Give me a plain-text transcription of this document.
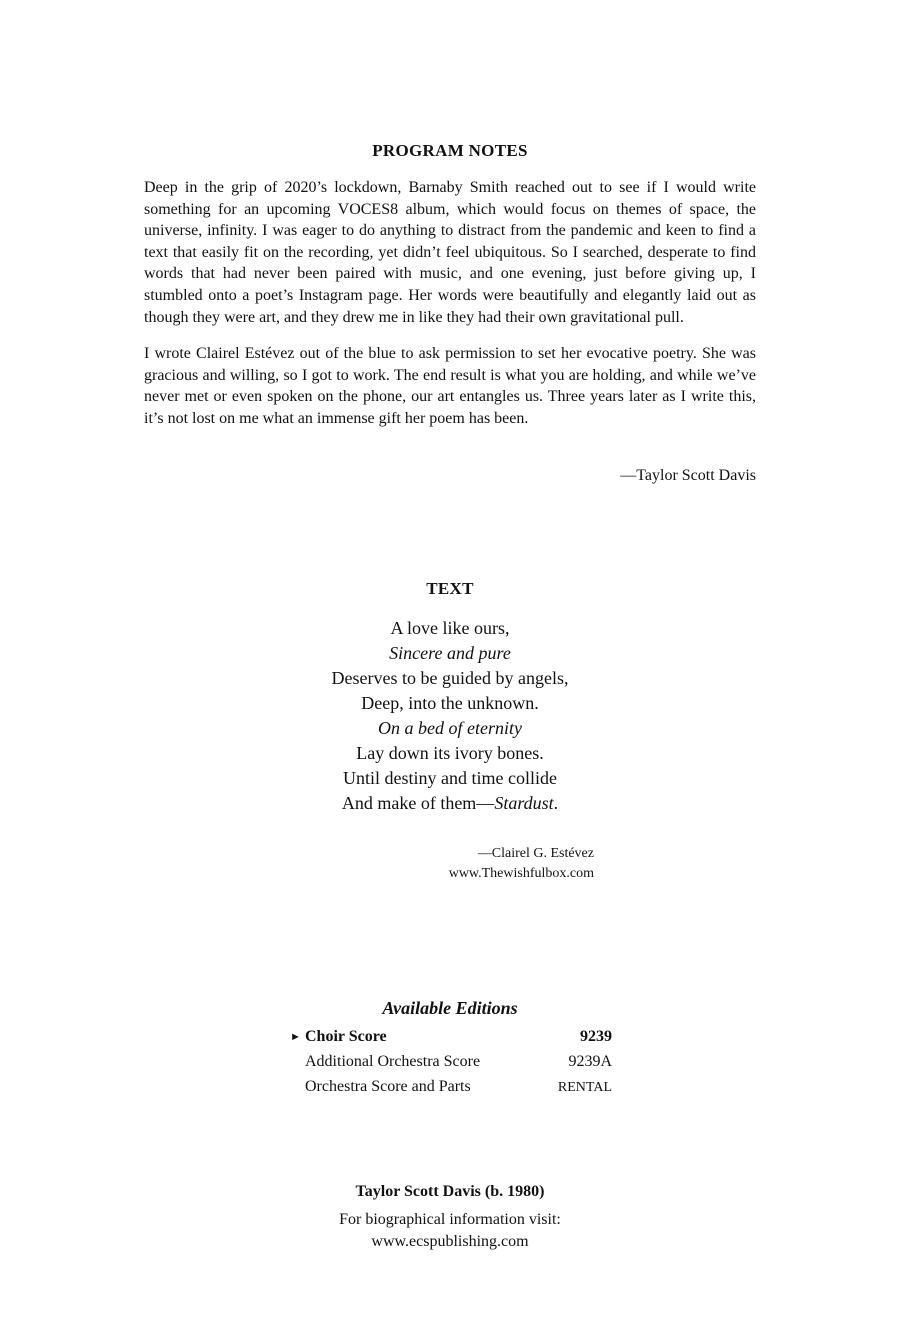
PROGRAM NOTES

Deep in the grip of 2020’s lockdown, Barnaby Smith reached out to see if I would write something for an upcoming VOCES8 album, which would focus on themes of space, the universe, infinity. I was eager to do anything to distract from the pandemic and keen to find a text that easily fit on the recording, yet didn’t feel ubiquitous. So I searched, desperate to find words that had never been paired with music, and one evening, just before giving up, I stumbled onto a poet’s Instagram page. Her words were beautifully and elegantly laid out as though they were art, and they drew me in like they had their own gravitational pull.

I wrote Clairel Estévez out of the blue to ask permission to set her evocative poetry. She was gracious and willing, so I got to work. The end result is what you are holding, and while we’ve never met or even spoken on the phone, our art entangles us. Three years later as I write this, it’s not lost on me what an immense gift her poem has been.

—Taylor Scott Davis
TEXT
A love like ours,
Sincere and pure
Deserves to be guided by angels,
Deep, into the unknown.
On a bed of eternity
Lay down its ivory bones.
Until destiny and time collide
And make of them—Stardust.
—Clairel G. Estévez
www.Thewishfulbox.com
Available Editions
► Choir Score	9239
Additional Orchestra Score	9239A
Orchestra Score and Parts	RENTAL
Taylor Scott Davis (b. 1980)
For biographical information visit:
www.ecspublishing.com
